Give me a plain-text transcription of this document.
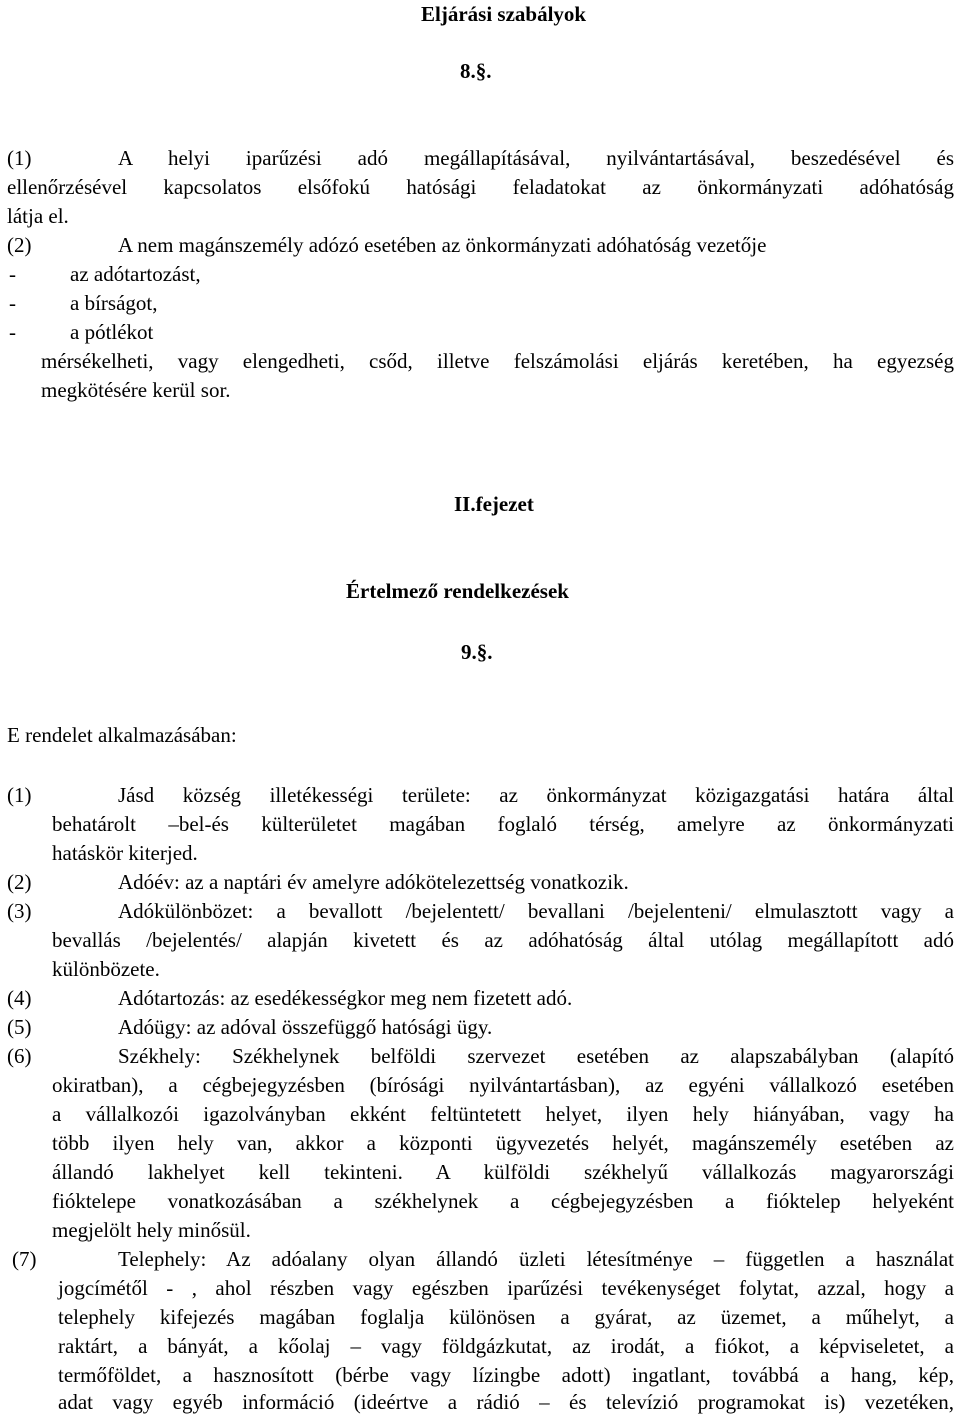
Eljárási szabályok
8.§.
(1)	A helyi iparűzési adó megállapításával, nyilvántartásával, beszedésével és
ellenőrzésével kapcsolatos elsőfokú hatósági feladatokat az önkormányzati adóhatóság
látja el.
(2)	A nem magánszemély adózó esetében az önkormányzati adóhatóság vezetője
-	az adótartozást,
-	a bírságot,
-	a pótlékot
mérsékelheti, vagy elengedheti, csőd, illetve felszámolási eljárás keretében, ha egyezség
megkötésére kerül sor.
II.fejezet
Értelmező rendelkezések
9.§.
E rendelet alkalmazásában:
(1)	Jásd község illetékességi területe: az önkormányzat közigazgatási határa által
behatárolt –bel-és külterületet magában foglaló térség, amelyre az önkormányzati
hatáskör kiterjed.
(2)	Adóév: az a naptári év amelyre adókötelezettség vonatkozik.
(3)	Adókülönbözet: a bevallott /bejelentett/ bevallani /bejelenteni/ elmulasztott vagy a
bevallás /bejelentés/ alapján kivetett és az adóhatóság által utólag megállapított adó
különbözete.
(4)	Adótartozás: az esedékességkor meg nem fizetett adó.
(5)	Adóügy: az adóval összefüggő hatósági ügy.
(6)	Székhely: Székhelynek belföldi szervezet esetében az alapszabályban (alapító
okiratban), a cégbejegyzésben (bírósági nyilvántartásban), az egyéni vállalkozó esetében
a vállalkozói igazolványban ekként feltüntetett helyet, ilyen hely hiányában, vagy ha
több ilyen hely van, akkor a központi ügyvezetés helyét, magánszemély esetében az
állandó lakhelyet kell tekinteni. A külföldi székhelyű vállalkozás magyarországi
fióktelepe vonatkozásában a székhelynek a cégbejegyzésben a fióktelep helyeként
megjelölt hely minősül.
(7)	Telephely: Az adóalany olyan állandó üzleti létesítménye – független a használat
jogcímétől - , ahol részben vagy egészben iparűzési tevékenységet folytat, azzal, hogy a
telephely kifejezés magában foglalja különösen a gyárat, az üzemet, a műhelyt, a
raktárt, a bányát, a kőolaj – vagy földgázkutat, az irodát, a fiókot, a képviseletet, a
termőföldet, a hasznosított (bérbe vagy lízingbe adott) ingatlant, továbbá a hang, kép,
adat vagy egyéb információ (ideértve a rádió – és televízió programokat is) vezetéken,
